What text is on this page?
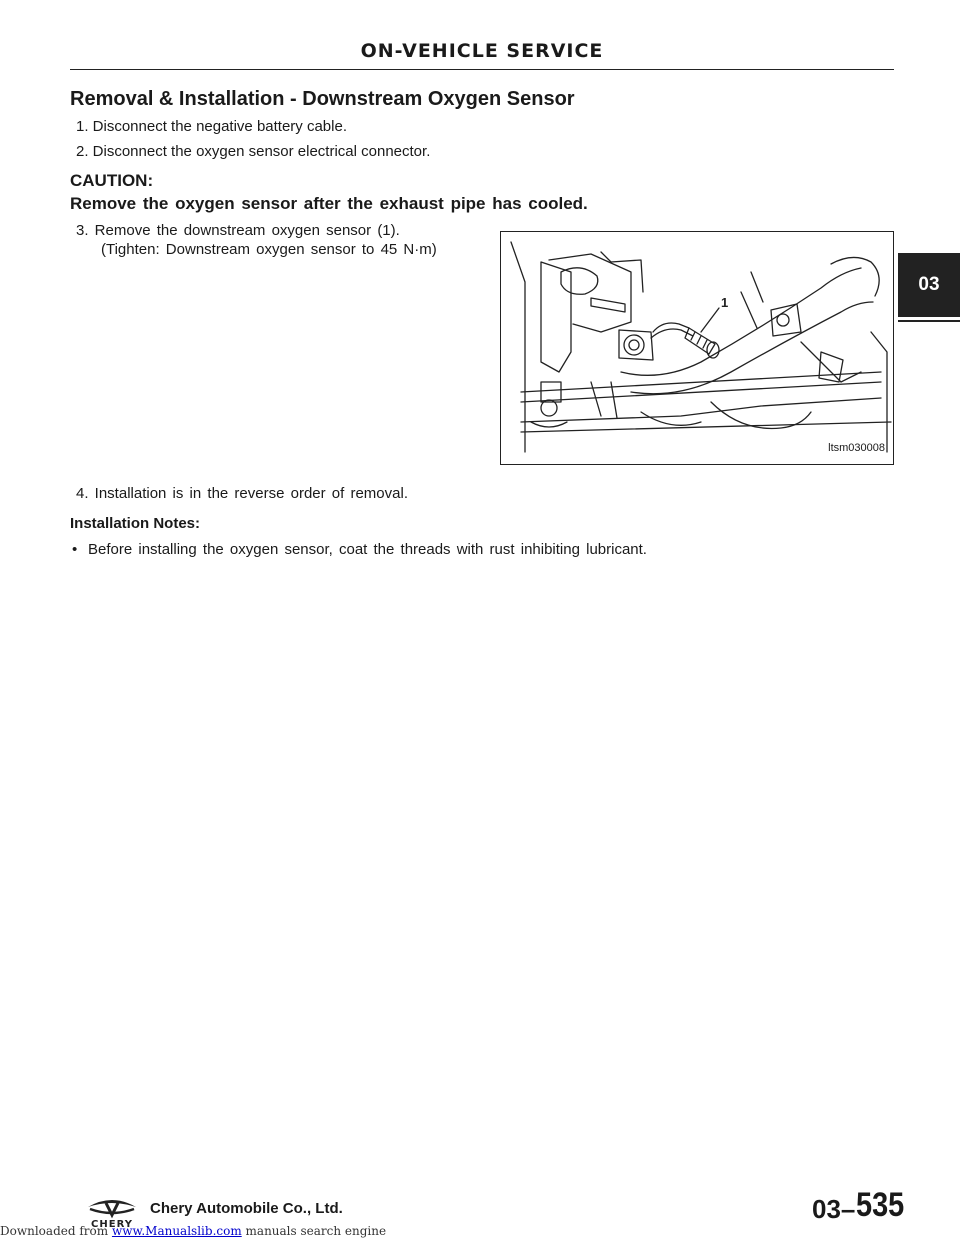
ON-VEHICLE SERVICE
Removal & Installation - Downstream Oxygen Sensor

1. Disconnect the negative battery cable.

2. Disconnect the oxygen sensor electrical connector.

CAUTION:

Remove the oxygen sensor after the exhaust pipe has cooled.

3. Remove the downstream oxygen sensor (1).

(Tighten: Downstream oxygen sensor to 45 N·m)

1

ltsm030008

4. Installation is in the reverse order of removal.

Installation Notes:

• Before installing the oxygen sensor, coat the threads with rust inhibiting lubricant.

03
CHERY

Chery Automobile Co., Ltd.	03– 535

Downloaded from www.Manualslib.com manuals search engine
